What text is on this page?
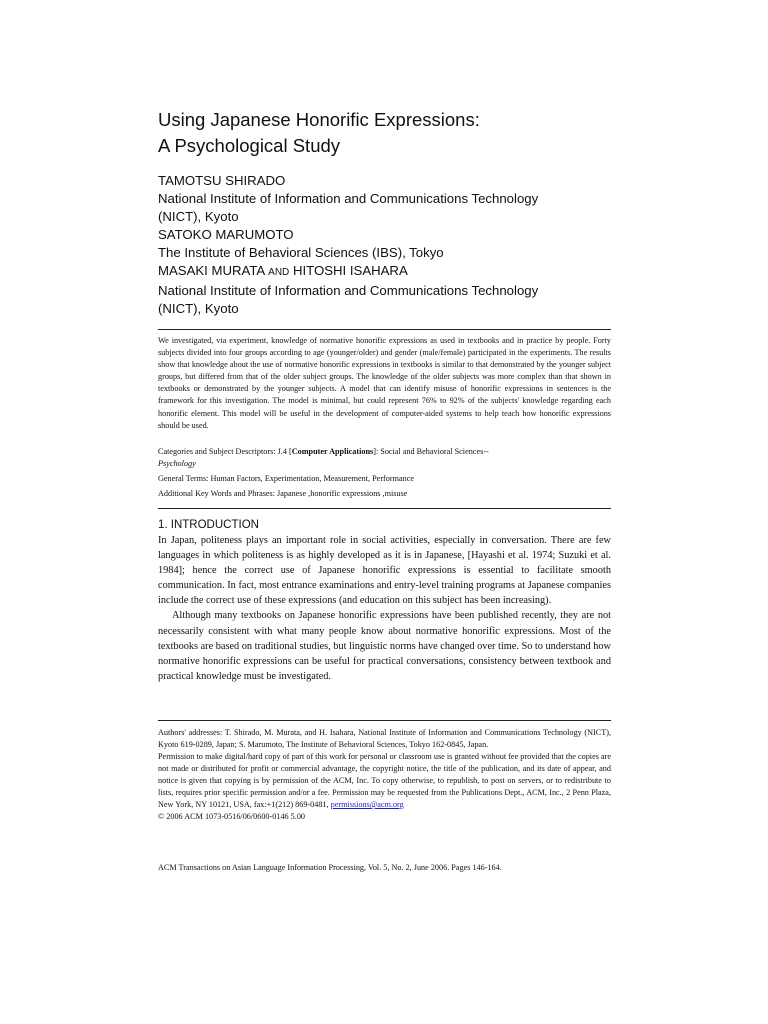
Using Japanese Honorific Expressions:
A Psychological Study
TAMOTSU SHIRADO
National Institute of Information and Communications Technology
(NICT), Kyoto
SATOKO MARUMOTO
The Institute of Behavioral Sciences (IBS), Tokyo
MASAKI MURATA AND HITOSHI ISAHARA
National Institute of Information and Communications Technology
(NICT), Kyoto
We investigated, via experiment, knowledge of normative honorific expressions as used in textbooks and in practice by people. Forty subjects divided into four groups according to age (younger/older) and gender (male/female) participated in the experiments. The results show that knowledge about the use of normative honorific expressions in textbooks is similar to that demonstrated by the younger subject groups, but differed from that of the older subject groups. The knowledge of the older subjects was more complex than that shown in textbooks or demonstrated by the younger subjects. A model that can identify misuse of honorific expressions in sentences is the framework for this investigation. The model is minimal, but could represent 76% to 92% of the subjects' knowledge regarding each honorific element. This model will be useful in the development of computer-aided systems to help teach how honorific expressions should be used.
Categories and Subject Descriptors: J.4 [Computer Applications]: Social and Behavioral Sciences--
Psychology
General Terms: Human Factors, Experimentation, Measurement, Performance
Additional Key Words and Phrases: Japanese ,honorific expressions ,misuse
1. INTRODUCTION

In Japan, politeness plays an important role in social activities, especially in conversation. There are few languages in which politeness is as highly developed as it is in Japanese, [Hayashi et al. 1974; Suzuki et al. 1984]; hence the correct use of Japanese honorific expressions is essential to facilitate smooth communication. In fact, most entrance examinations and entry-level training programs at Japanese companies include the correct use of these expressions (and education on this subject has been increasing).

Although many textbooks on Japanese honorific expressions have been published recently, they are not necessarily consistent with what many people know about normative honorific expressions. Most of the textbooks are based on traditional studies, but linguistic norms have changed over time. So to understand how normative honorific expressions can be useful for practical conversations, consistency between textbook and practical knowledge must be investigated.

Authors' addresses: T. Shirado, M. Murata, and H. Isahara, National Institute of Information and Communications Technology (NICT), Kyoto 619-0289, Japan; S. Marumoto, The Institute of Behavioral Sciences, Tokyo 162-0845, Japan.

Permission to make digital/hard copy of part of this work for personal or classroom use is granted without fee provided that the copies are not made or distributed for profit or commercial advantage, the copyright notice, the title of the publication, and its date of appear, and notice is given that copying is by permission of the ACM, Inc. To copy otherwise, to republish, to post on servers, or to redistribute to lists, requires prior specific permission and/or a fee. Permission may be requested from the Publications Dept., ACM, Inc., 2 Penn Plaza, New York, NY 10121, USA, fax:+1(212) 869-0481, permissions@acm.org

© 2006 ACM 1073-0516/06/0600-0146 5.00

ACM Transactions on Asian Language Information Processing, Vol. 5, No. 2, June 2006. Pages 146-164.
